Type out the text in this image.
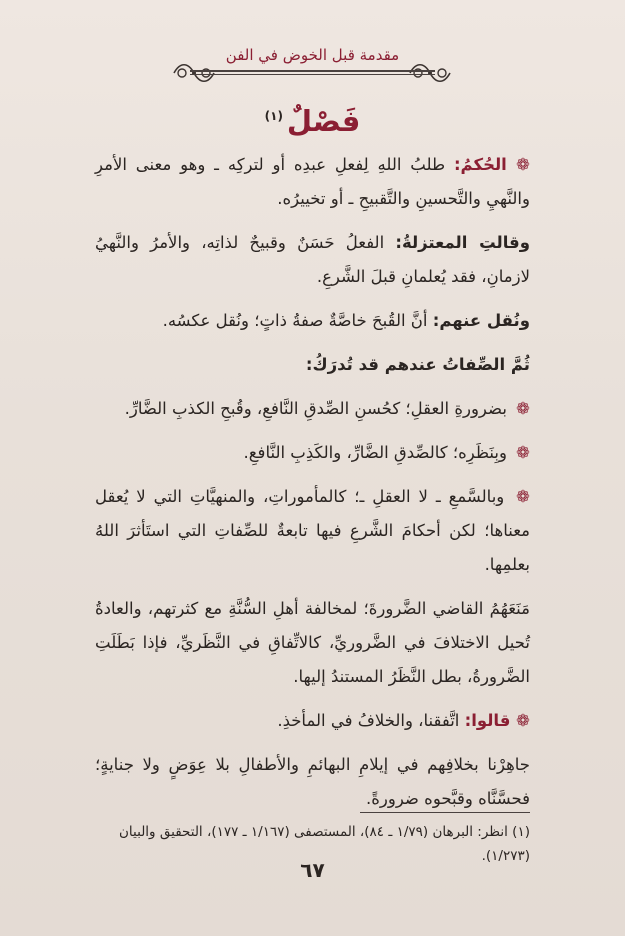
مقدمة قبل الخوض في الفن
فَصْلٌ$^{(١)}$

❁ الحُكمُ: طلبُ اللهِ لِفعلِ عبدِه أو لتركِه ـ وهو معنى الأمرِ والنَّهيِ والتَّحسينِ والتَّقبيحِ ـ أو تخييرُه.

وقالتِ المعتزلةُ: الفعلُ حَسَنٌ وقبيحٌ لذاتِه، والأمرُ والنَّهيُ لازمانِ، فقد يُعلمانِ قبلَ الشَّرعِ.

ونُقل عنهم: أنَّ القُبحَ خاصَّةٌ صفةُ ذاتٍ؛ ونُقل عكسُه.

ثُمَّ الصِّفاتُ عندهم قد تُدرَكُ:

❁ بضرورةِ العقلِ؛ كحُسنِ الصِّدقِ النَّافعِ، وقُبحِ الكذبِ الضَّارِّ.

❁ وبِنَظَرِه؛ كالصِّدقِ الضَّارِّ، والكَذِبِ النَّافعِ.

❁ وبالسَّمعِ ـ لا العقلِ ـ؛ كالمأموراتِ، والمنهيَّاتِ التي لا يُعقل معناها؛ لكن أحكامَ الشَّرعِ فيها تابعةٌ للصِّفاتِ التي استَأثرَ اللهُ بعلمِها.

مَنَعَهُمُ القاضي الضَّرورةَ؛ لمخالفة أهلِ السُّنَّةِ مع كثرتهم، والعادةُ تُحيل الاختلافَ في الضَّروريِّ، كالاتِّفاقِ في النَّظَريِّ، فإذا بَطَلَتِ الضَّرورةُ، بطل النَّظَرُ المستندُ إليها.

❁ قالوا: اتَّفقنا، والخلافُ في المأخذِ.

جاهِرْنا بخلافِهم في إيلامِ البهائمِ والأطفالِ بلا عِوَضٍ ولا جنايةٍ؛ فحسَّنَّاه وقبَّحوه ضرورةً.

(١) انظر: البرهان (١/٧٩ ـ ٨٤)، المستصفى (١/١٦٧ ـ ١٧٧)، التحقيق والبيان (١/٢٧٣).
٦٧
